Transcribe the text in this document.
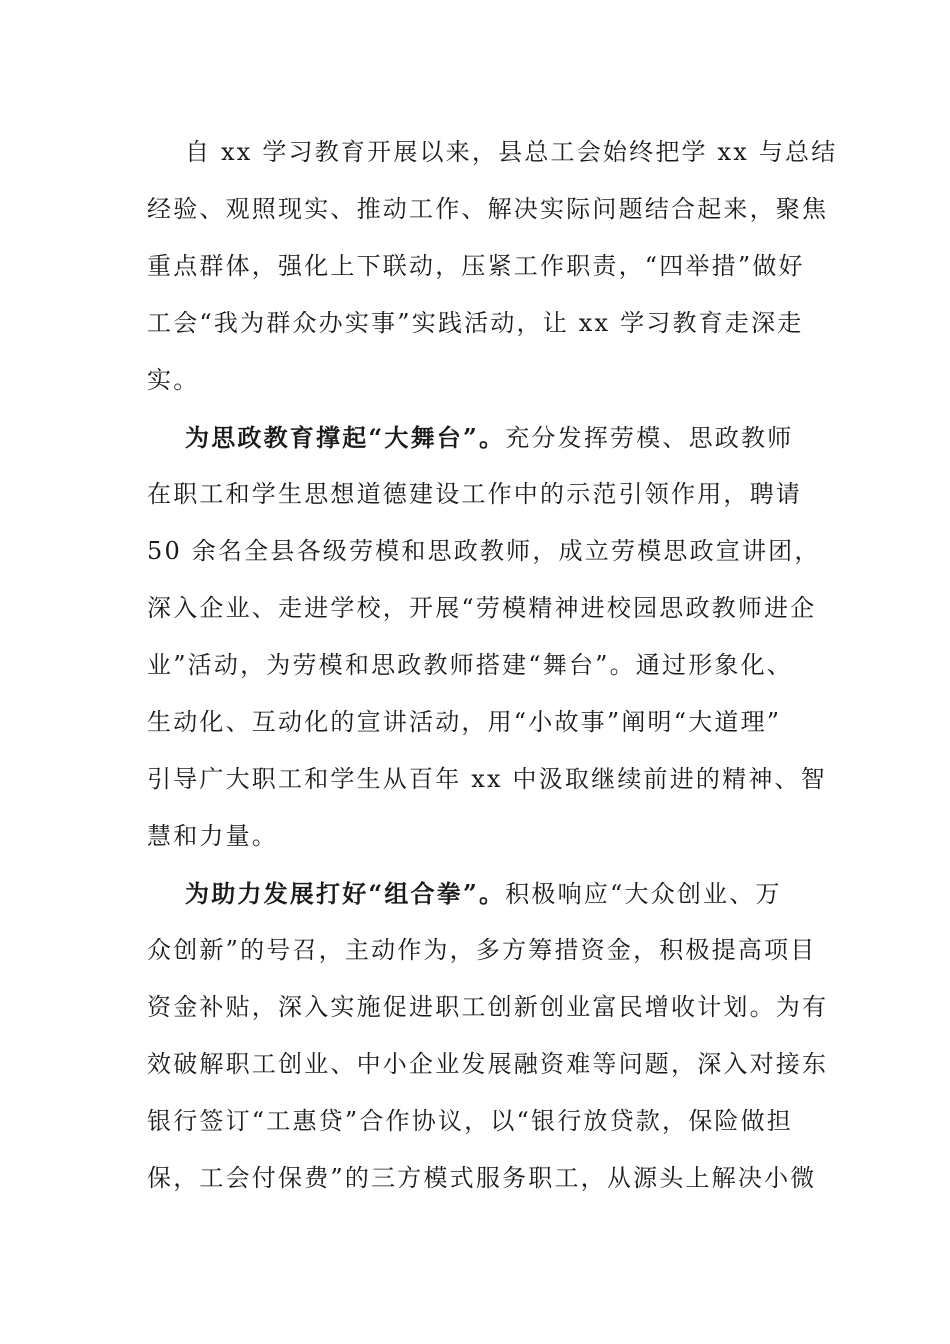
自 xx 学习教育开展以来，县总工会始终把学 xx 与总结
经验、观照现实、推动工作、解决实际问题结合起来，聚焦
重点群体，强化上下联动，压紧工作职责，“四举措”做好
工会“我为群众办实事”实践活动，让 xx 学习教育走深走
实。
为思政教育撑起“大舞台”。充分发挥劳模、思政教师
在职工和学生思想道德建设工作中的示范引领作用，聘请
50 余名全县各级劳模和思政教师，成立劳模思政宣讲团，
深入企业、走进学校，开展“劳模精神进校园思政教师进企
业”活动，为劳模和思政教师搭建“舞台”。通过形象化、
生动化、互动化的宣讲活动，用“小故事”阐明“大道理”
引导广大职工和学生从百年 xx 中汲取继续前进的精神、智
慧和力量。
为助力发展打好“组合拳”。积极响应“大众创业、万
众创新”的号召，主动作为，多方筹措资金，积极提高项目
资金补贴，深入实施促进职工创新创业富民增收计划。为有
效破解职工创业、中小企业发展融资难等问题，深入对接东
银行签订“工惠贷”合作协议，以“银行放贷款，保险做担
保，工会付保费”的三方模式服务职工，从源头上解决小微
